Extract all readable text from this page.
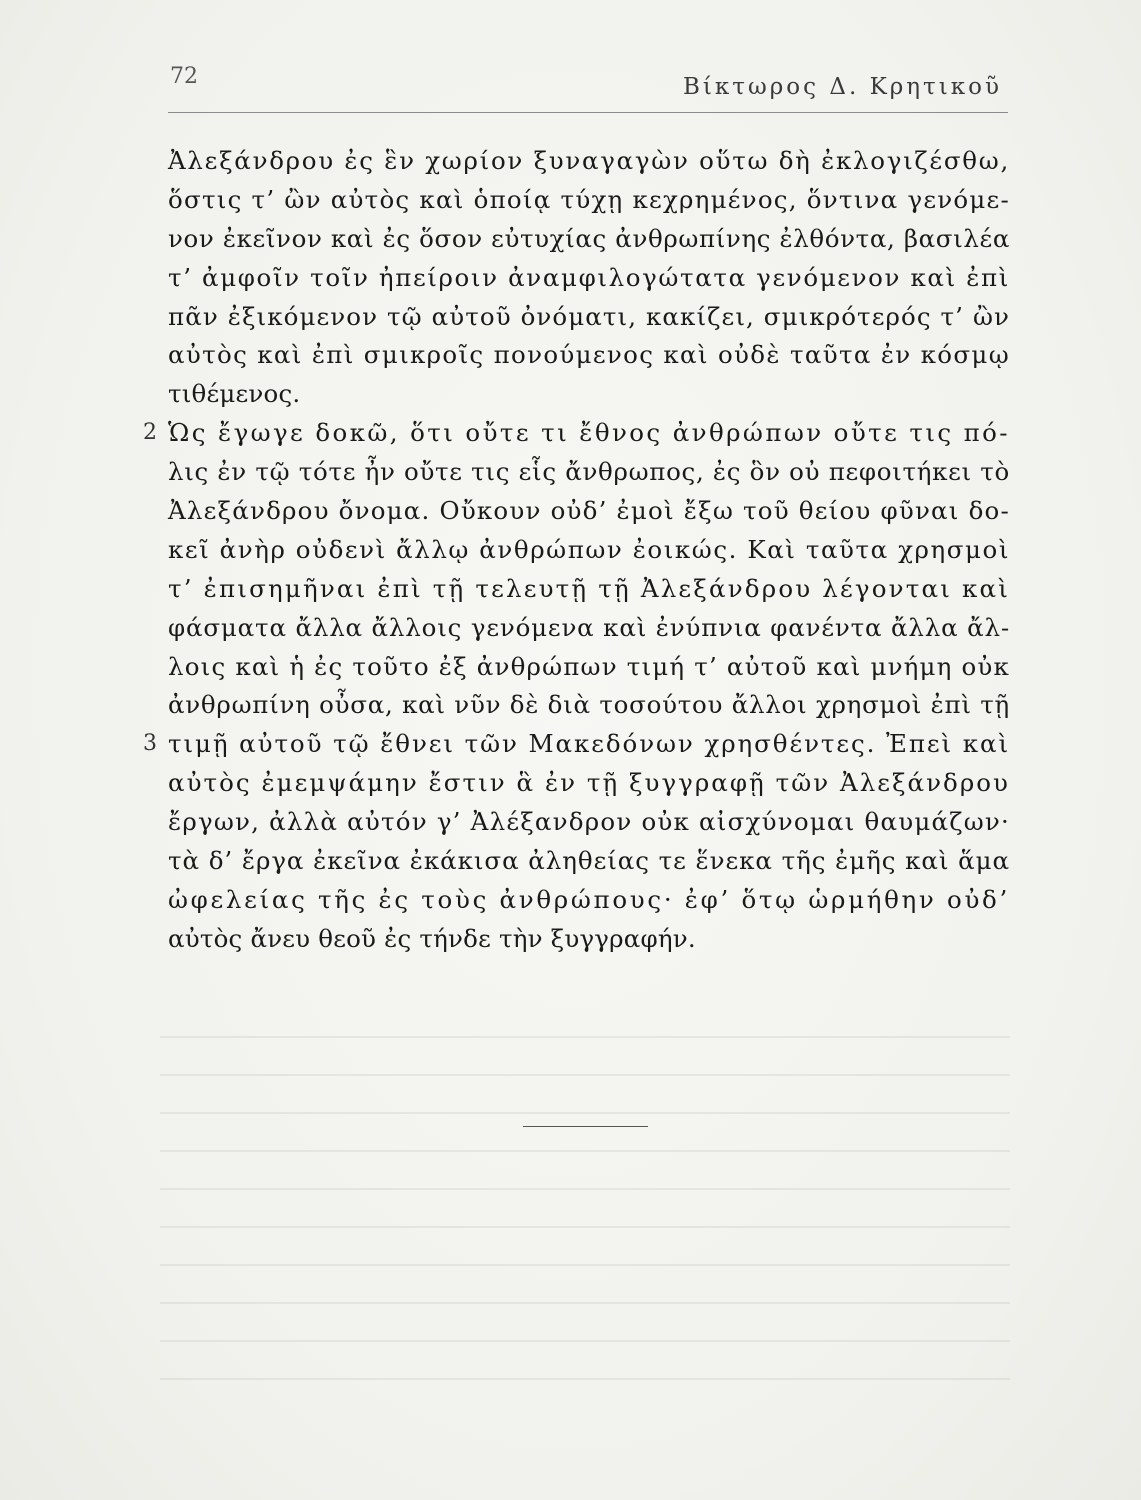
72	Βίκτωρος Δ. Κρητικοῦ
Ἀλεξάνδρου ἐς ἓν χωρίον ξυναγαγὼν οὕτω δὴ ἐκλογιζέσθω,
ὅστις τ’ ὢν αὐτὸς καὶ ὁποίᾳ τύχῃ κεχρημένος, ὅντινα γενόμε-
νον ἐκεῖνον καὶ ἐς ὅσον εὐτυχίας ἀνθρωπίνης ἐλθόντα, βασιλέα
τ’ ἀμφοῖν τοῖν ἠπείροιν ἀναμφιλογώτατα γενόμενον καὶ ἐπὶ
πᾶν ἐξικόμενον τῷ αὐτοῦ ὀνόματι, κακίζει, σμικρότερός τ’ ὢν
αὐτὸς καὶ ἐπὶ σμικροῖς πονούμενος καὶ οὐδὲ ταῦτα ἐν κόσμῳ
τιθέμενος.
2 Ὡς ἔγωγε δοκῶ, ὅτι οὔτε τι ἔθνος ἀνθρώπων οὔτε τις πό-
λις ἐν τῷ τότε ἦν οὔτε τις εἷς ἄνθρωπος, ἐς ὃν οὐ πεφοιτήκει τὸ
Ἀλεξάνδρου ὄνομα. Οὔκουν οὐδ’ ἐμοὶ ἔξω τοῦ θείου φῦναι δο-
κεῖ ἀνὴρ οὐδενὶ ἄλλῳ ἀνθρώπων ἐοικώς. Καὶ ταῦτα χρησμοὶ
τ’ ἐπισημῆναι ἐπὶ τῇ τελευτῇ τῇ Ἀλεξάνδρου λέγονται καὶ
φάσματα ἄλλα ἄλλοις γενόμενα καὶ ἐνύπνια φανέντα ἄλλα ἄλ-
λοις καὶ ἡ ἐς τοῦτο ἐξ ἀνθρώπων τιμή τ’ αὐτοῦ καὶ μνήμη οὐκ
ἀνθρωπίνη οὖσα, καὶ νῦν δὲ διὰ τοσούτου ἄλλοι χρησμοὶ ἐπὶ τῇ
3 τιμῇ αὐτοῦ τῷ ἔθνει τῶν Μακεδόνων χρησθέντες. Ἐπεὶ καὶ
αὐτὸς ἐμεμψάμην ἔστιν ἃ ἐν τῇ ξυγγραφῇ τῶν Ἀλεξάνδρου
ἔργων, ἀλλὰ αὐτόν γ’ Ἀλέξανδρον οὐκ αἰσχύνομαι θαυμάζων·
τὰ δ’ ἔργα ἐκεῖνα ἐκάκισα ἀληθείας τε ἕνεκα τῆς ἐμῆς καὶ ἅμα
ὠφελείας τῆς ἐς τοὺς ἀνθρώπους· ἐφ’ ὅτῳ ὡρμήθην οὐδ’
αὐτὸς ἄνευ θεοῦ ἐς τήνδε τὴν ξυγγραφήν.
